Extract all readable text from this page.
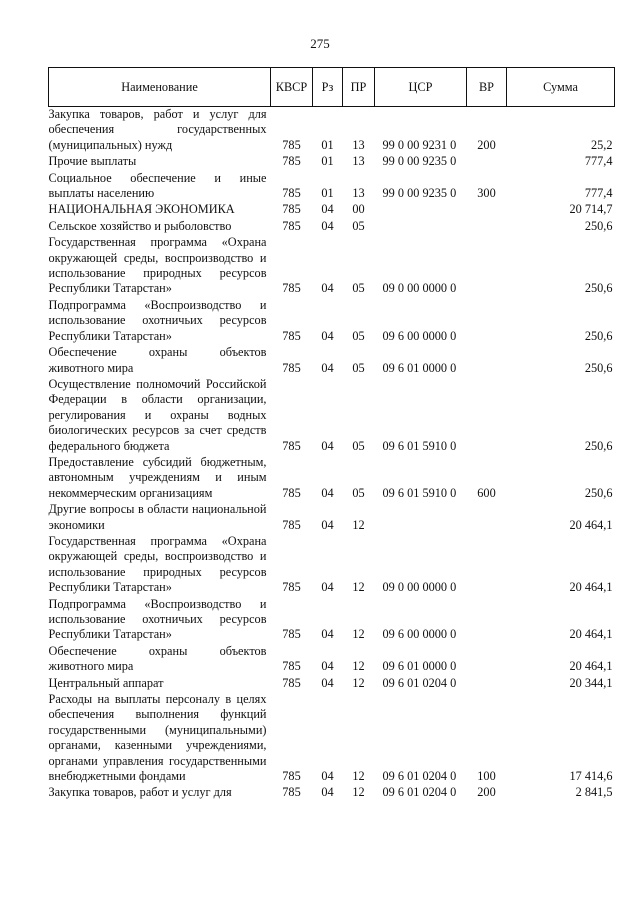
275
Наименование	КВСР	Рз	ПР	ЦСР	ВР	Сумма
Закупка товаров, работ и услуг для обеспечения государственных (муниципальных) нужд	785	01	13	99 0 00 9231 0	200	25,2
Прочие выплаты	785	01	13	99 0 00 9235 0		777,4
Социальное обеспечение и иные выплаты населению	785	01	13	99 0 00 9235 0	300	777,4
НАЦИОНАЛЬНАЯ ЭКОНОМИКА	785	04	00			20 714,7
Сельское хозяйство и рыболовство	785	04	05			250,6
Государственная программа «Охрана окружающей среды, воспроизводство и использование природных ресурсов Республики Татарстан»	785	04	05	09 0 00 0000 0		250,6
Подпрограмма «Воспроизводство и использование охотничьих ресурсов Республики Татарстан»	785	04	05	09 6 00 0000 0		250,6
Обеспечение охраны объектов животного мира	785	04	05	09 6 01 0000 0		250,6
Осуществление полномочий Российской Федерации в области организации, регулирования и охраны водных биологических ресурсов за счет средств федерального бюджета	785	04	05	09 6 01 5910 0		250,6
Предоставление субсидий бюджетным, автономным учреждениям и иным некоммерческим организациям	785	04	05	09 6 01 5910 0	600	250,6
Другие вопросы в области национальной экономики	785	04	12			20 464,1
Государственная программа «Охрана окружающей среды, воспроизводство и использование природных ресурсов Республики Татарстан»	785	04	12	09 0 00 0000 0		20 464,1
Подпрограмма «Воспроизводство и использование охотничьих ресурсов Республики Татарстан»	785	04	12	09 6 00 0000 0		20 464,1
Обеспечение охраны объектов животного мира	785	04	12	09 6 01 0000 0		20 464,1
Центральный аппарат	785	04	12	09 6 01 0204 0		20 344,1
Расходы на выплаты персоналу в целях обеспечения выполнения функций государственными (муниципальными) органами, казенными учреждениями, органами управления государственными внебюджетными фондами	785	04	12	09 6 01 0204 0	100	17 414,6
Закупка товаров, работ и услуг для	785	04	12	09 6 01 0204 0	200	2 841,5
